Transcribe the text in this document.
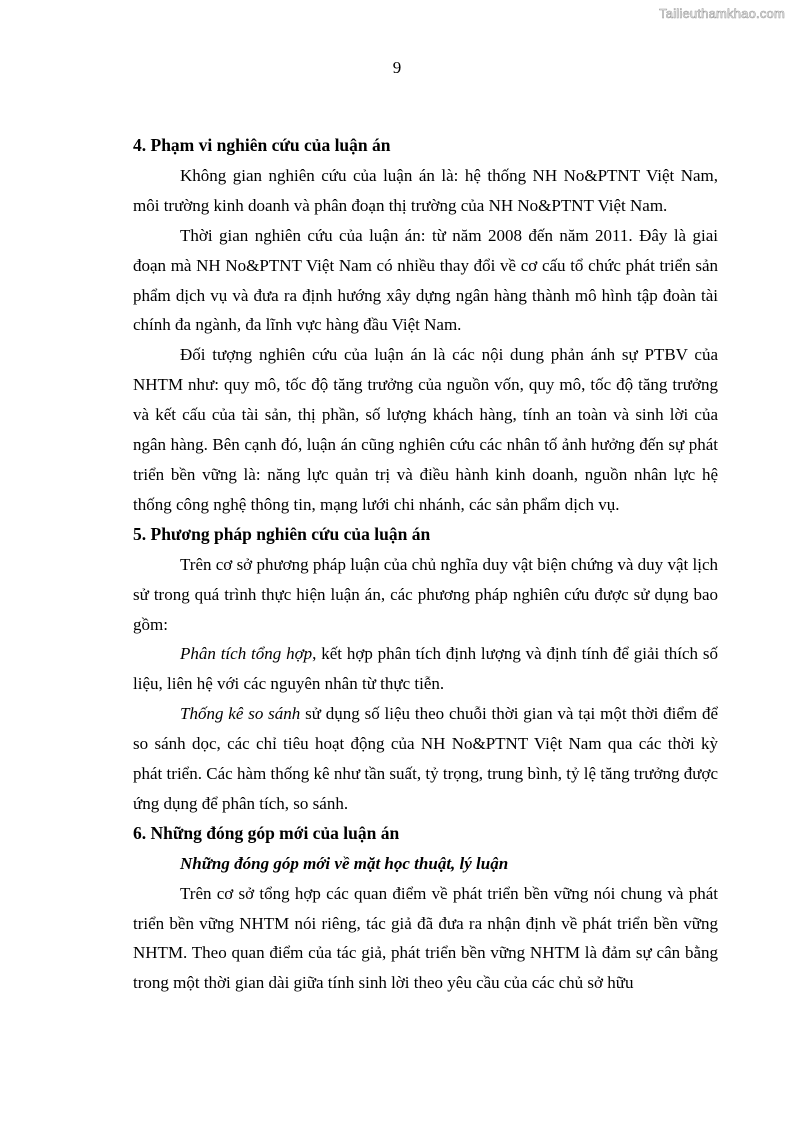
Tailieuthamkhao.com
9
4. Phạm vi nghiên cứu của luận án

Không gian nghiên cứu của luận án là: hệ thống NH No&PTNT Việt Nam, môi trường kinh doanh và phân đoạn thị trường của NH No&PTNT Việt Nam.

Thời gian nghiên cứu của luận án: từ năm 2008 đến năm 2011. Đây là giai đoạn mà NH No&PTNT Việt Nam có nhiều thay đổi về cơ cấu tổ chức phát triển sản phẩm dịch vụ và đưa ra định hướng xây dựng ngân hàng thành mô hình tập đoàn tài chính đa ngành, đa lĩnh vực hàng đầu Việt Nam.

Đối tượng nghiên cứu của luận án là các nội dung phản ánh sự PTBV của NHTM như: quy mô, tốc độ tăng trưởng của nguồn vốn, quy mô, tốc độ tăng trưởng và kết cấu của tài sản, thị phần, số lượng khách hàng, tính an toàn và sinh lời của ngân hàng. Bên cạnh đó, luận án cũng nghiên cứu các nhân tố ảnh hưởng đến sự phát triển bền vững là: năng lực quản trị và điều hành kinh doanh, nguồn nhân lực hệ thống công nghệ thông tin, mạng lưới chi nhánh, các sản phẩm dịch vụ.

5. Phương pháp nghiên cứu của luận án

Trên cơ sở phương pháp luận của chủ nghĩa duy vật biện chứng và duy vật lịch sử trong quá trình thực hiện luận án, các phương pháp nghiên cứu được sử dụng bao gồm:

Phân tích tổng hợp, kết hợp phân tích định lượng và định tính để giải thích số liệu, liên hệ với các nguyên nhân từ thực tiễn.

Thống kê so sánh sử dụng số liệu theo chuỗi thời gian và tại một thời điểm để so sánh dọc, các chỉ tiêu hoạt động của NH No&PTNT Việt Nam qua các thời kỳ phát triển. Các hàm thống kê như tần suất, tỷ trọng, trung bình, tỷ lệ tăng trưởng được ứng dụng để phân tích, so sánh.

6. Những đóng góp mới của luận án

Những đóng góp mới về mặt học thuật, lý luận

Trên cơ sở tổng hợp các quan điểm về phát triển bền vững nói chung và phát triển bền vững NHTM nói riêng, tác giả đã đưa ra nhận định về phát triển bền vững NHTM. Theo quan điểm của tác giả, phát triển bền vững NHTM là đảm sự cân bằng trong một thời gian dài giữa tính sinh lời theo yêu cầu của các chủ sở hữu
